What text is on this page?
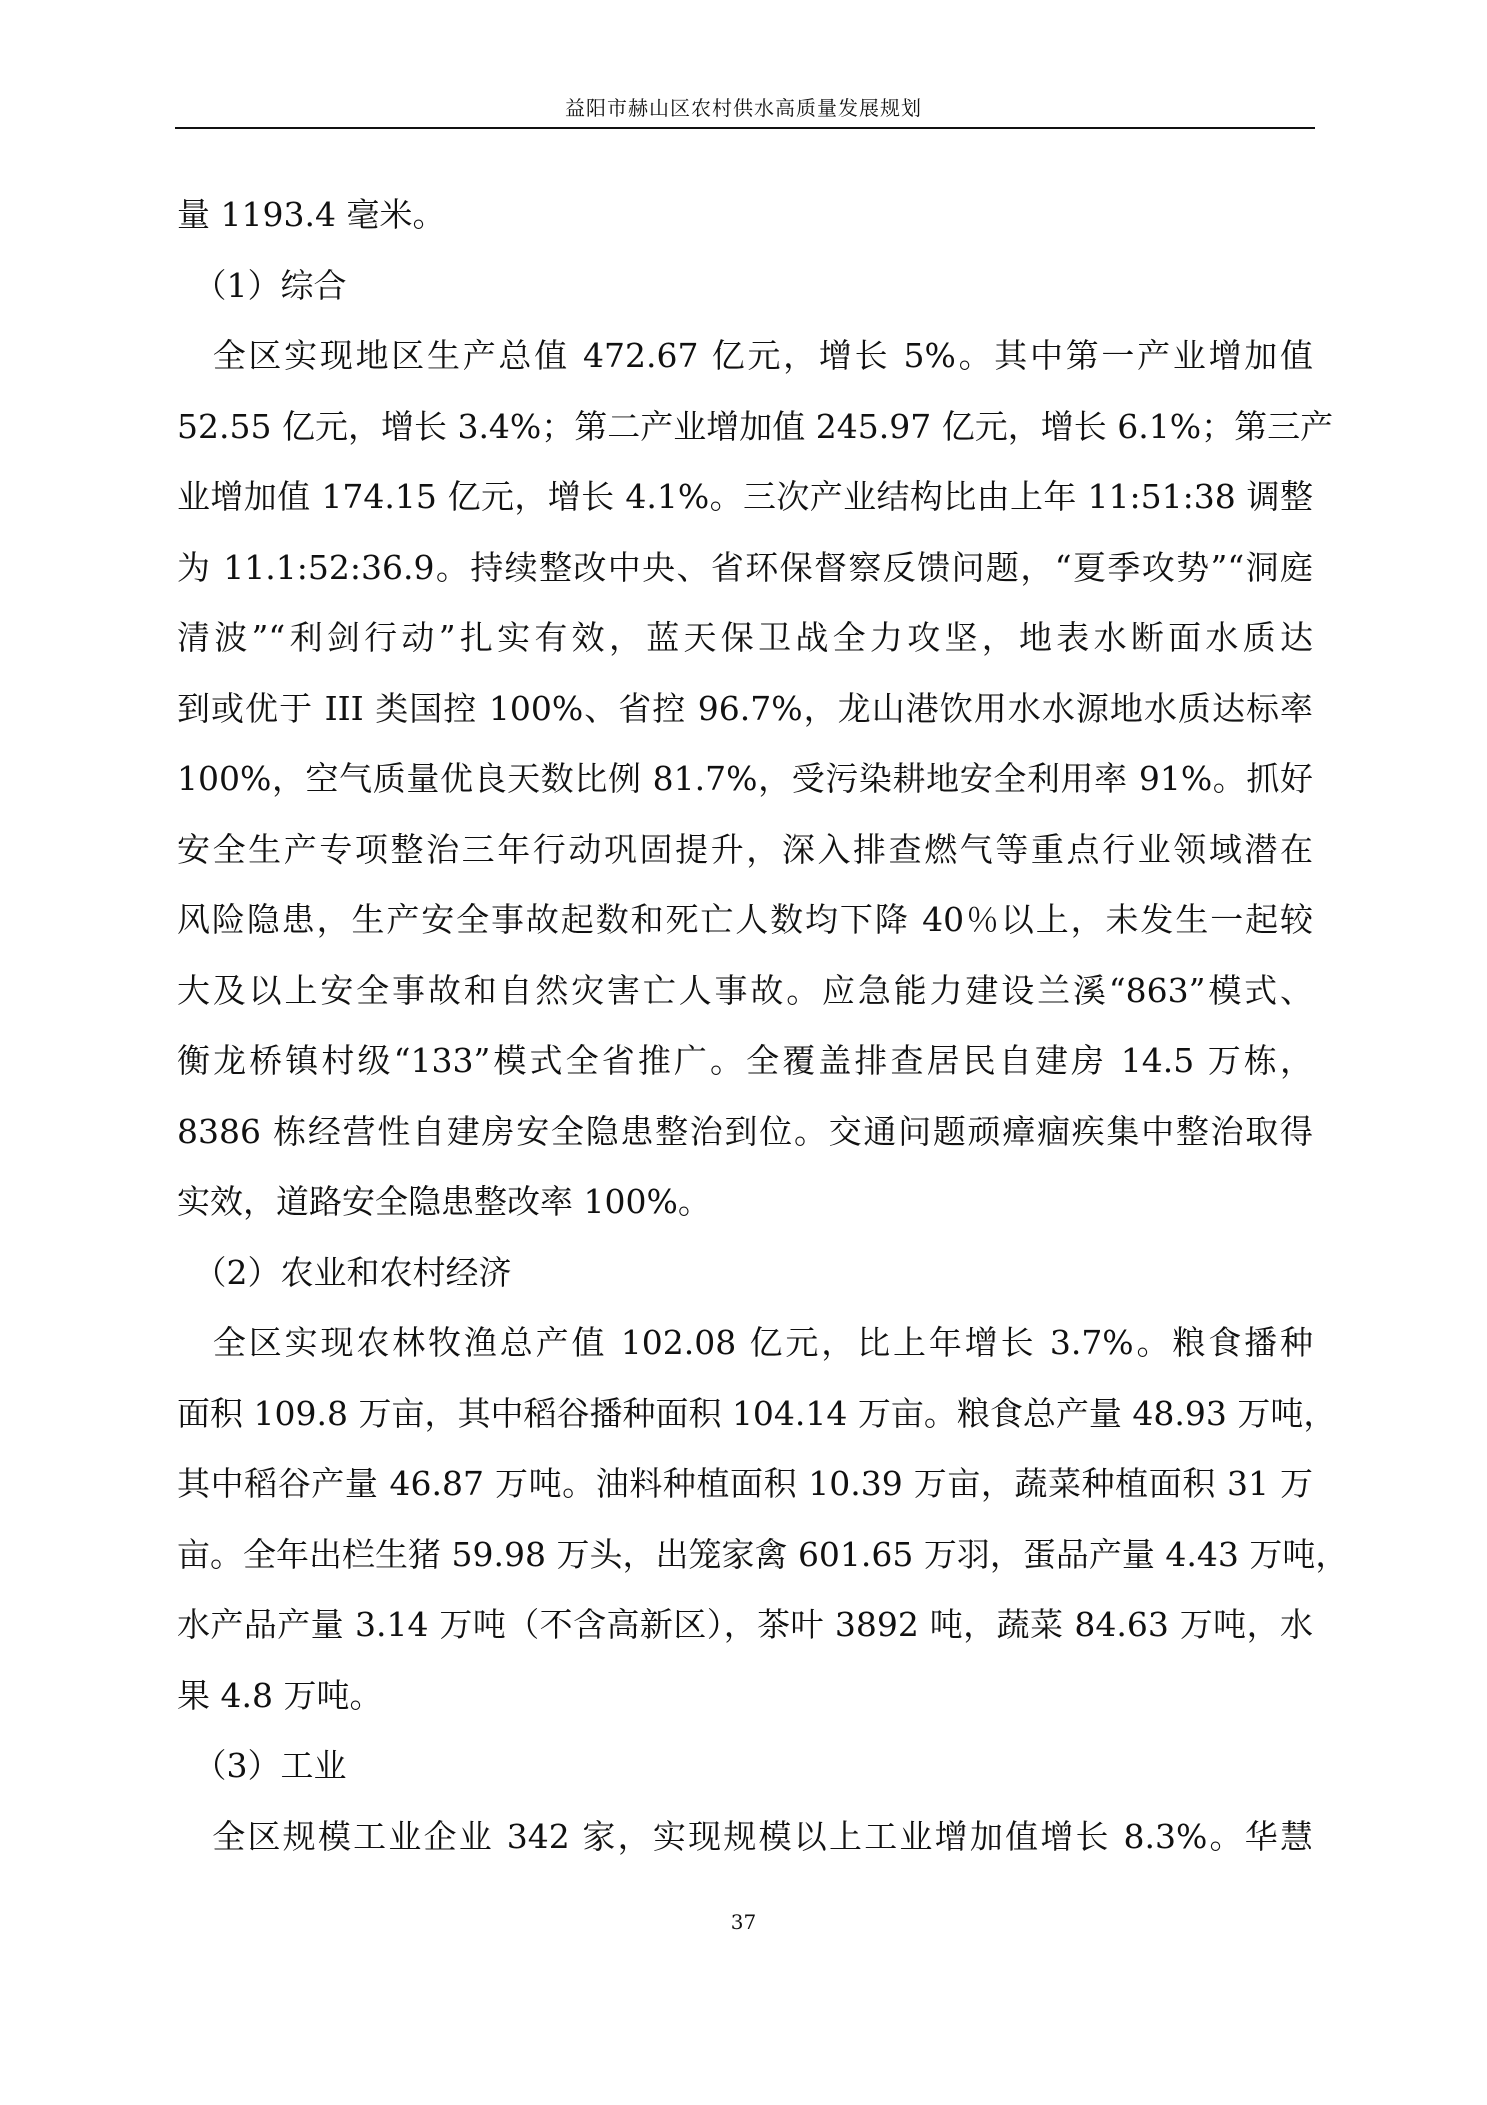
益阳市赫山区农村供水高质量发展规划
量 1193.4 毫米。
　（1）综合
　全区实现地区生产总值 472.67 亿元，增长 5%。其中第一产业增加值
52.55 亿元，增长 3.4%；第二产业增加值 245.97 亿元，增长 6.1%；第三产
业增加值 174.15 亿元，增长 4.1%。三次产业结构比由上年 11:51:38 调整
为 11.1:52:36.9。持续整改中央、省环保督察反馈问题，“夏季攻势”“洞庭
清波”“利剑行动”扎实有效，蓝天保卫战全力攻坚，地表水断面水质达
到或优于 III 类国控 100%、省控 96.7%，龙山港饮用水水源地水质达标率
100%，空气质量优良天数比例 81.7%，受污染耕地安全利用率 91%。抓好
安全生产专项整治三年行动巩固提升，深入排查燃气等重点行业领域潜在
风险隐患，生产安全事故起数和死亡人数均下降 40％以上，未发生一起较
大及以上安全事故和自然灾害亡人事故。应急能力建设兰溪“863”模式、
衡龙桥镇村级“133”模式全省推广。全覆盖排查居民自建房 14.5 万栋，
8386 栋经营性自建房安全隐患整治到位。交通问题顽瘴痼疾集中整治取得
实效，道路安全隐患整改率 100%。
　（2）农业和农村经济
　全区实现农林牧渔总产值 102.08 亿元，比上年增长 3.7%。粮食播种
面积 109.8 万亩，其中稻谷播种面积 104.14 万亩。粮食总产量 48.93 万吨，
其中稻谷产量 46.87 万吨。油料种植面积 10.39 万亩，蔬菜种植面积 31 万
亩。全年出栏生猪 59.98 万头，出笼家禽 601.65 万羽，蛋品产量 4.43 万吨，
水产品产量 3.14 万吨（不含高新区），茶叶 3892 吨，蔬菜 84.63 万吨，水
果 4.8 万吨。
　（3）工业
　全区规模工业企业 342 家，实现规模以上工业增加值增长 8.3%。华慧
37
